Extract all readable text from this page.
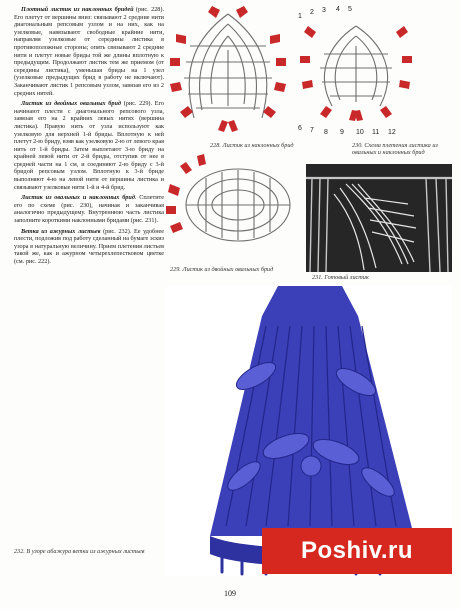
Плотный листик из наклонных бридей (рис. 228). Его плетут от вершины вниз: связывают 2 средние нити диагональным репсовым узлом и на них, как на узелковые, навязывают свободные крайние нити, направляя узелковые от середины листика в противоположные стороны; опять связывают 2 средние нити и плетут новые бриды той же длины вплотную к предыдущим. Продолжают листик тем же приемом (от середины листика), уменьшая бриды на 1 узел (узелковые предыдущих брид в работу не включают). Заканчивают листик 1 репсовым узлом, завязав его из 2 средних нитей.

Листик из двойных овальных брид (рис. 229). Его начинают плести с диагонального репсового узла, завязав его на 2 крайних левых нитях (вершина листика). Правую нить от узла используют как узелковую для верхней 1-й бриды. Вплотную к ней плетут 2-ю бриду, взяв как узелковую 2-ю от левого края нить от 1-й бриды. Затем выплетают 3-ю бриду на крайней левой нити от 2-й бриды, отступив от нее в средней части на 1 см, и соединяют 2-ю бриду с 3-й бридой репсовым узлом. Вплотную к 3-й бриде выполняют 4-ю на левой нити от вершины листика и связывают узелковые нити 1-й и 4-й брид.

Листик из овальных и наклонных брид. Сплетите его по схеме (рис. 230), начиная и заканчивая аналогично предыдущему. Внутреннюю часть листика заполните короткими наклонными бридами (рис. 231).

Ветка из ажурных листьев (рис. 232). Ее удобнее плести, подложив под работу сделанный на бумаге эскиз узора в натуральную величину. Прием плетения листьев такой же, как и ажурном четырехлепестковом цветке (см. рис. 222).

228. Листик из наклонных брид
1
2 3 4 5
6 7 8 9 10 11 12
230. Схема плетения листика из овальных и наклонных брид
229. Листик из двойных овальных брид
231. Готовый листик
232. В узоре абажура ветки из ажурных листьев	Poshiv.ru
109
